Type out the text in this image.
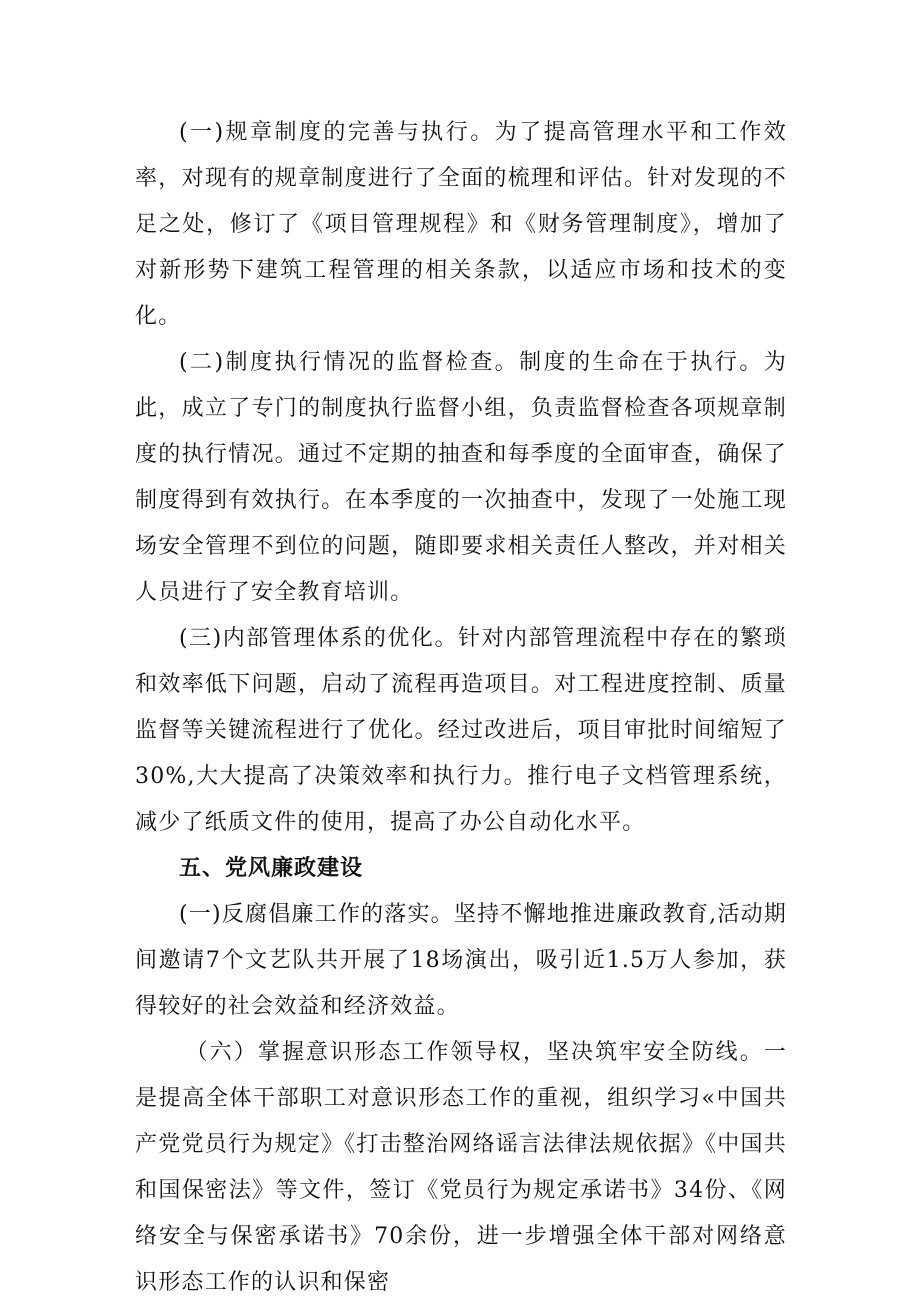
(一)规章制度的完善与执行。为了提高管理水平和工作效率，对现有的规章制度进行了全面的梳理和评估。针对发现的不足之处，修订了《项目管理规程》和《财务管理制度》，增加了对新形势下建筑工程管理的相关条款，以适应市场和技术的变化。

(二)制度执行情况的监督检查。制度的生命在于执行。为此，成立了专门的制度执行监督小组，负责监督检查各项规章制度的执行情况。通过不定期的抽查和每季度的全面审查，确保了制度得到有效执行。在本季度的一次抽查中，发现了一处施工现场安全管理不到位的问题，随即要求相关责任人整改，并对相关人员进行了安全教育培训。

(三)内部管理体系的优化。针对内部管理流程中存在的繁琐和效率低下问题，启动了流程再造项目。对工程进度控制、质量监督等关键流程进行了优化。经过改进后，项目审批时间缩短了30%,大大提高了决策效率和执行力。推行电子文档管理系统，减少了纸质文件的使用，提高了办公自动化水平。

五、党风廉政建设

(一)反腐倡廉工作的落实。坚持不懈地推进廉政教育,活动期间邀请7个文艺队共开展了18场演出，吸引近1.5万人参加，获得较好的社会效益和经济效益。

（六）掌握意识形态工作领导权，坚决筑牢安全防线。一是提高全体干部职工对意识形态工作的重视，组织学习«中国共产党党员行为规定》《打击整治网络谣言法律法规依据》《中国共和国保密法》等文件，签订《党员行为规定承诺书》34份、《网络安全与保密承诺书》70余份，进一步增强全体干部对网络意识形态工作的认识和保密
